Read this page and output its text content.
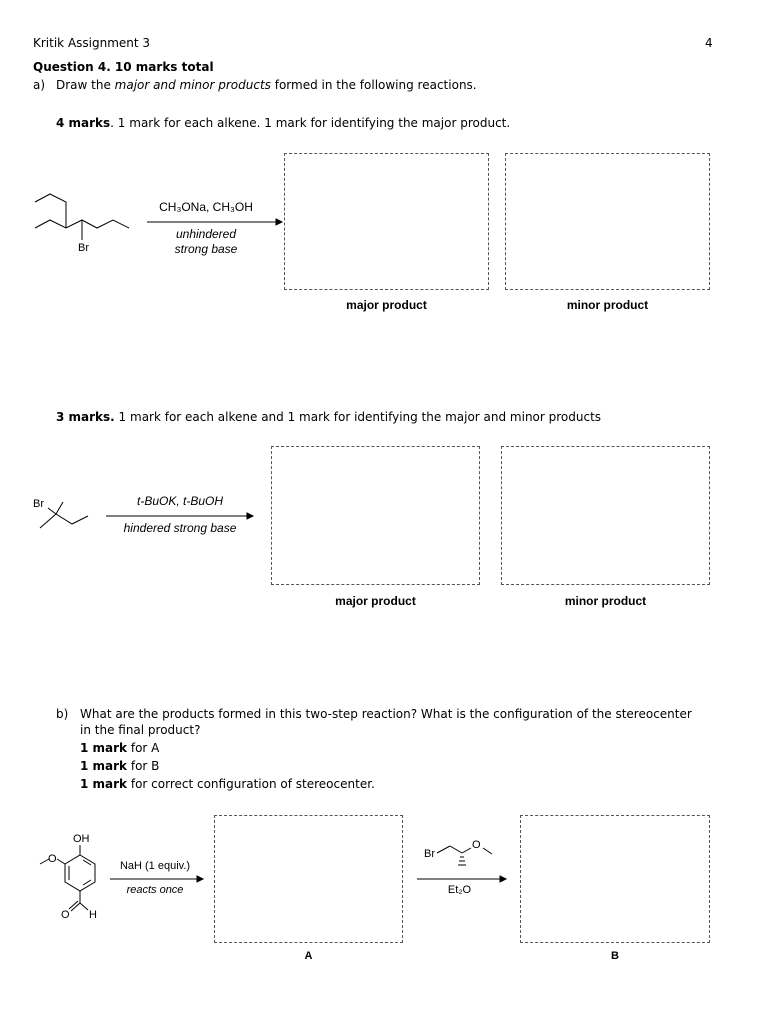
Kritik Assignment 3	4
Question 4. 10 marks total
a) Draw the major and minor products formed in the following reactions.
4 marks. 1 mark for each alkene. 1 mark for identifying the major product.
Br
CH₃ONa, CH₃OH
unhindered
strong base
major product	minor product
3 marks. 1 mark for each alkene and 1 mark for identifying the major and minor products
Br	t-BuOK, t-BuOH
hindered strong base
major product	minor product
b) What are the products formed in this two-step reaction? What is the configuration of the stereocenter
in the final product?
1 mark for A
1 mark for B
1 mark for correct configuration of stereocenter.
OH
O
O H
NaH (1 equiv.)
reacts once
A
Br
O
Et₂O
B
